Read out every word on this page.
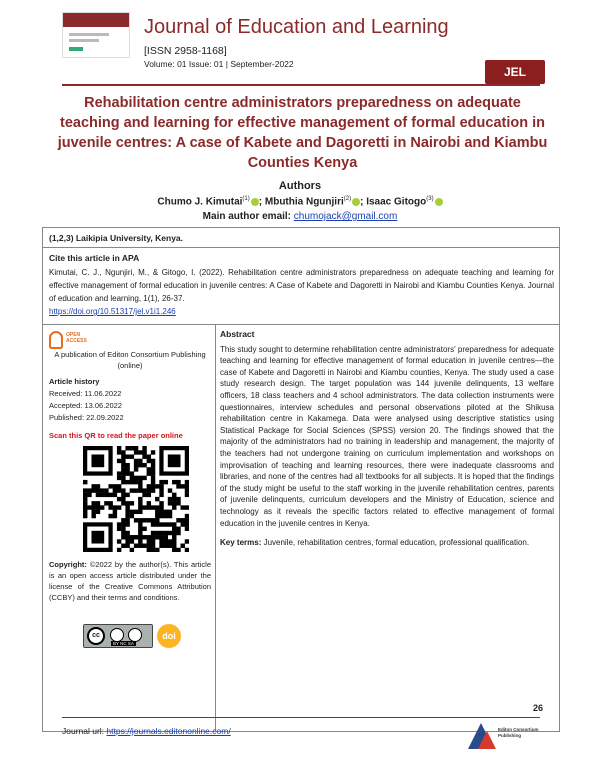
Journal of Education and Learning
[ISSN 2958-1168]
Volume: 01 Issue: 01 | September-2022
JEL
Rehabilitation centre administrators preparedness on adequate teaching and learning for effective management of formal education in juvenile centres: A case of Kabete and Dagoretti in Nairobi and Kiambu Counties Kenya
Authors
Chumo J. Kimutai$^{(1)}$ ; Mbuthia Ngunjiri$^{(2)}$ ; Isaac Gitogo$^{(3)}$
Main author email: chumojack@gmail.com
(1,2,3) Laikipia University, Kenya.
Cite this article in APA
Kimutai, C. J., Ngunjiri, M., & Gitogo, I. (2022). Rehabilitation centre administrators preparedness on adequate teaching and learning for effective management of formal education in juvenile centres: A Case of Kabete and Dagoretti in Nairobi and Kiambu Counties Kenya. Journal of education and learning, 1(1), 26-37.
https://doi.org/10.51317/jel.v1i1.246
OPEN
ACCESS
A publication of Editon Consortium Publishing (online)
Article history
Received: 11.06.2022
Accepted: 13.06.2022
Published: 22.09.2022
Scan this QR to read the paper online
Copyright: ©2022 by the author(s). This article is an open access article distributed under the license of the Creative Commons Attribution (CCBY) and their terms and conditions.
cc
BY NC SA
doi
Abstract
This study sought to determine rehabilitation centre administrators' preparedness for adequate teaching and learning for effective management of formal education in juvenile centres—the case of Kabete and Dagoretti in Nairobi and Kiambu counties, Kenya. The study used a case study research design. The target population was 144 juvenile delinquents, 13 welfare officers, 18 class teachers and 4 school administrators. The data collection instruments were questionnaires, interview schedules and personal observations piloted at the Shikusa rehabilitation centre in Kakamega. Data were analysed using descriptive statistics using Statistical Package for Social Sciences (SPSS) version 20. The findings showed that the majority of the administrators had no training in leadership and management, the majority of the teachers had not undergone training on curriculum implementation and workshops on improvisation of teaching and learning resources, there were inadequate classrooms and libraries, and none of the centres had all textbooks for all subjects. It is hoped that the findings of the study might be useful to the staff working in the juvenile rehabilitation centres, parents of juvenile delinquents, curriculum developers and the Ministry of Education, science and technology as it reveals the specific factors related to effective management of formal education in the juvenile centres in Kenya.
Key terms: Juvenile, rehabilitation centres, formal education, professional qualification.
26
Journal url: https://journals.editononline.com/	Editon Consortium Publishing
